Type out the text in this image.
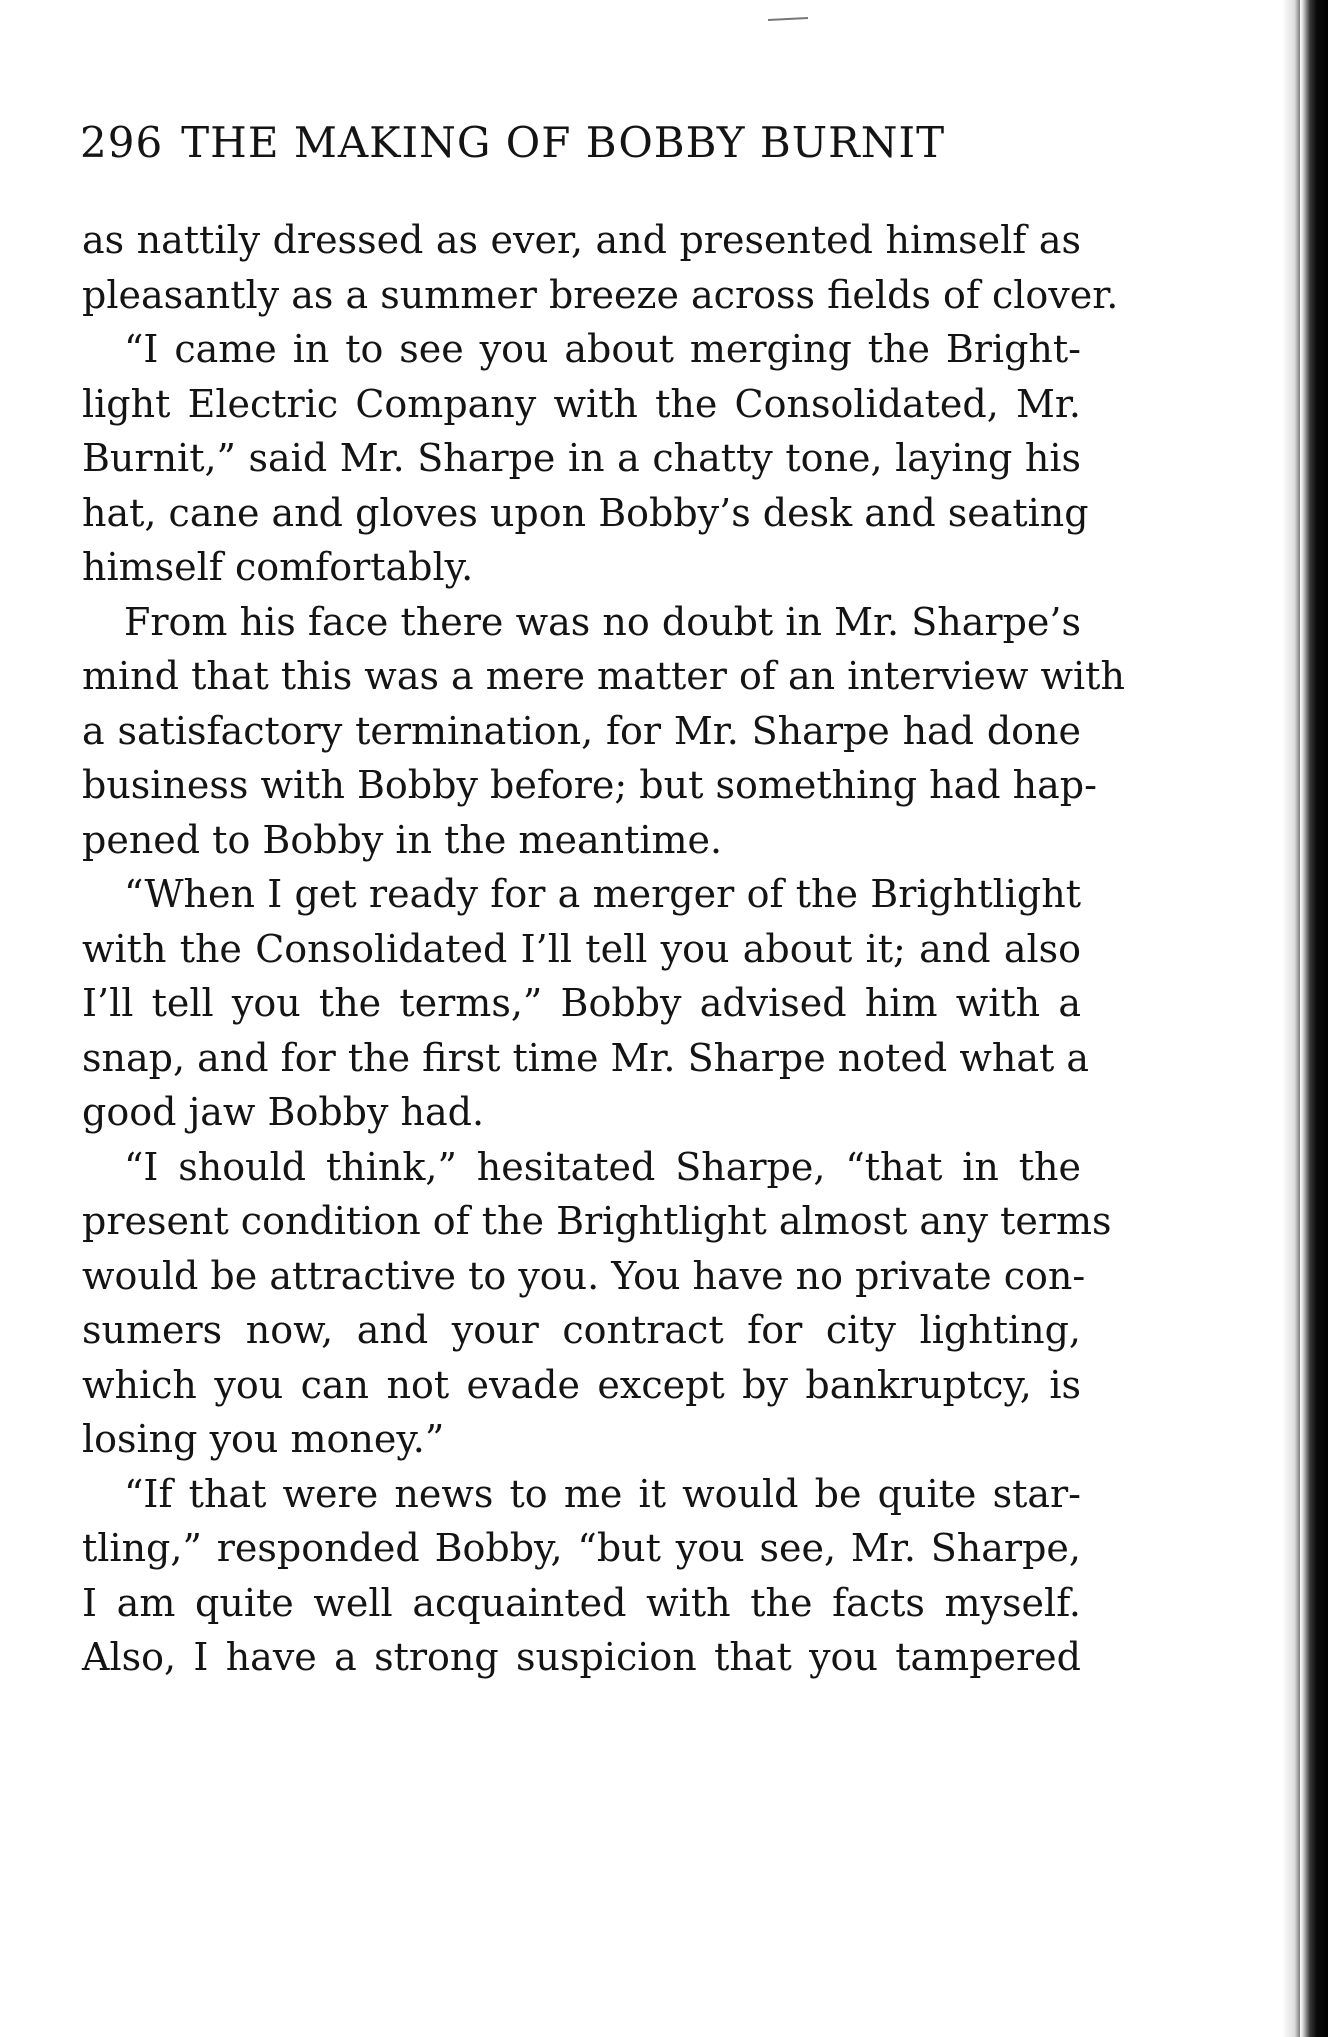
296 THE MAKING OF BOBBY BURNIT
as nattily dressed as ever, and presented himself as
pleasantly as a summer breeze across fields of clover.
“I came in to see you about merging the Bright-
light Electric Company with the Consolidated, Mr.
Burnit,” said Mr. Sharpe in a chatty tone, laying his
hat, cane and gloves upon Bobby’s desk and seating
himself comfortably.
From his face there was no doubt in Mr. Sharpe’s
mind that this was a mere matter of an interview with
a satisfactory termination, for Mr. Sharpe had done
business with Bobby before; but something had hap-
pened to Bobby in the meantime.
“When I get ready for a merger of the Brightlight
with the Consolidated I’ll tell you about it; and also
I’ll tell you the terms,” Bobby advised him with a
snap, and for the first time Mr. Sharpe noted what a
good jaw Bobby had.
“I should think,” hesitated Sharpe, “that in the
present condition of the Brightlight almost any terms
would be attractive to you. You have no private con-
sumers now, and your contract for city lighting,
which you can not evade except by bankruptcy, is
losing you money.”
“If that were news to me it would be quite star-
tling,” responded Bobby, “but you see, Mr. Sharpe,
I am quite well acquainted with the facts myself.
Also, I have a strong suspicion that you tampered
